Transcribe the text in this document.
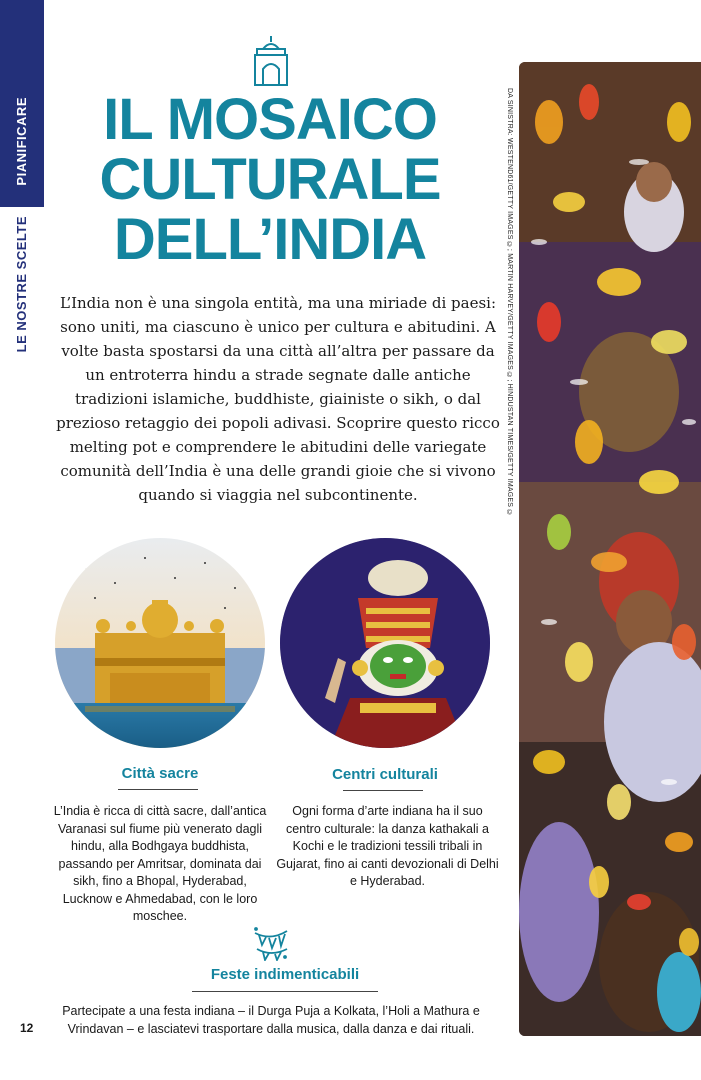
PIANIFICARE
LE NOSTRE SCELTE
IL MOSAICO
CULTURALE
DELL’INDIA

L’India non è una singola entità, ma una miriade di paesi: sono uniti, ma ciascuno è unico per cultura e abitudini. A volte basta spostarsi da una città all’altra per passare da un entroterra hindu a strade segnate dalle antiche tradizioni islamiche, buddhiste, giainiste o sikh, o dal prezioso retaggio dei popoli adivasi. Scoprire questo ricco melting pot e comprendere le abitudini delle variegate comunità dell’India è una delle grandi gioie che si vivono quando si viaggia nel subcontinente.

Città sacre

L’India è ricca di città sacre, dall’antica Varanasi sul fiume più venerato dagli hindu, alla Bodhgaya buddhista, passando per Amritsar, dominata dai sikh, fino a Bhopal, Hyderabad, Lucknow e Ahmedabad, con le loro moschee.

Centri culturali

Ogni forma d’arte indiana ha il suo centro culturale: la danza kathakali a Kochi e le tradizioni tessili tribali in Gujarat, fino ai canti devozionali di Delhi e Hyderabad.

Feste indimenticabili

Partecipate a una festa indiana – il Durga Puja a Kolkata, l’Holi a Mathura e Vrindavan – e lasciatevi trasportare dalla musica, dalla danza e dai rituali.

12
DA SINISTRA: WESTEND61/GETTY IMAGES ©; MARTIN HARVEY/GETTY IMAGES ©; HINDUSTAN TIMES/GETTY IMAGES ©
